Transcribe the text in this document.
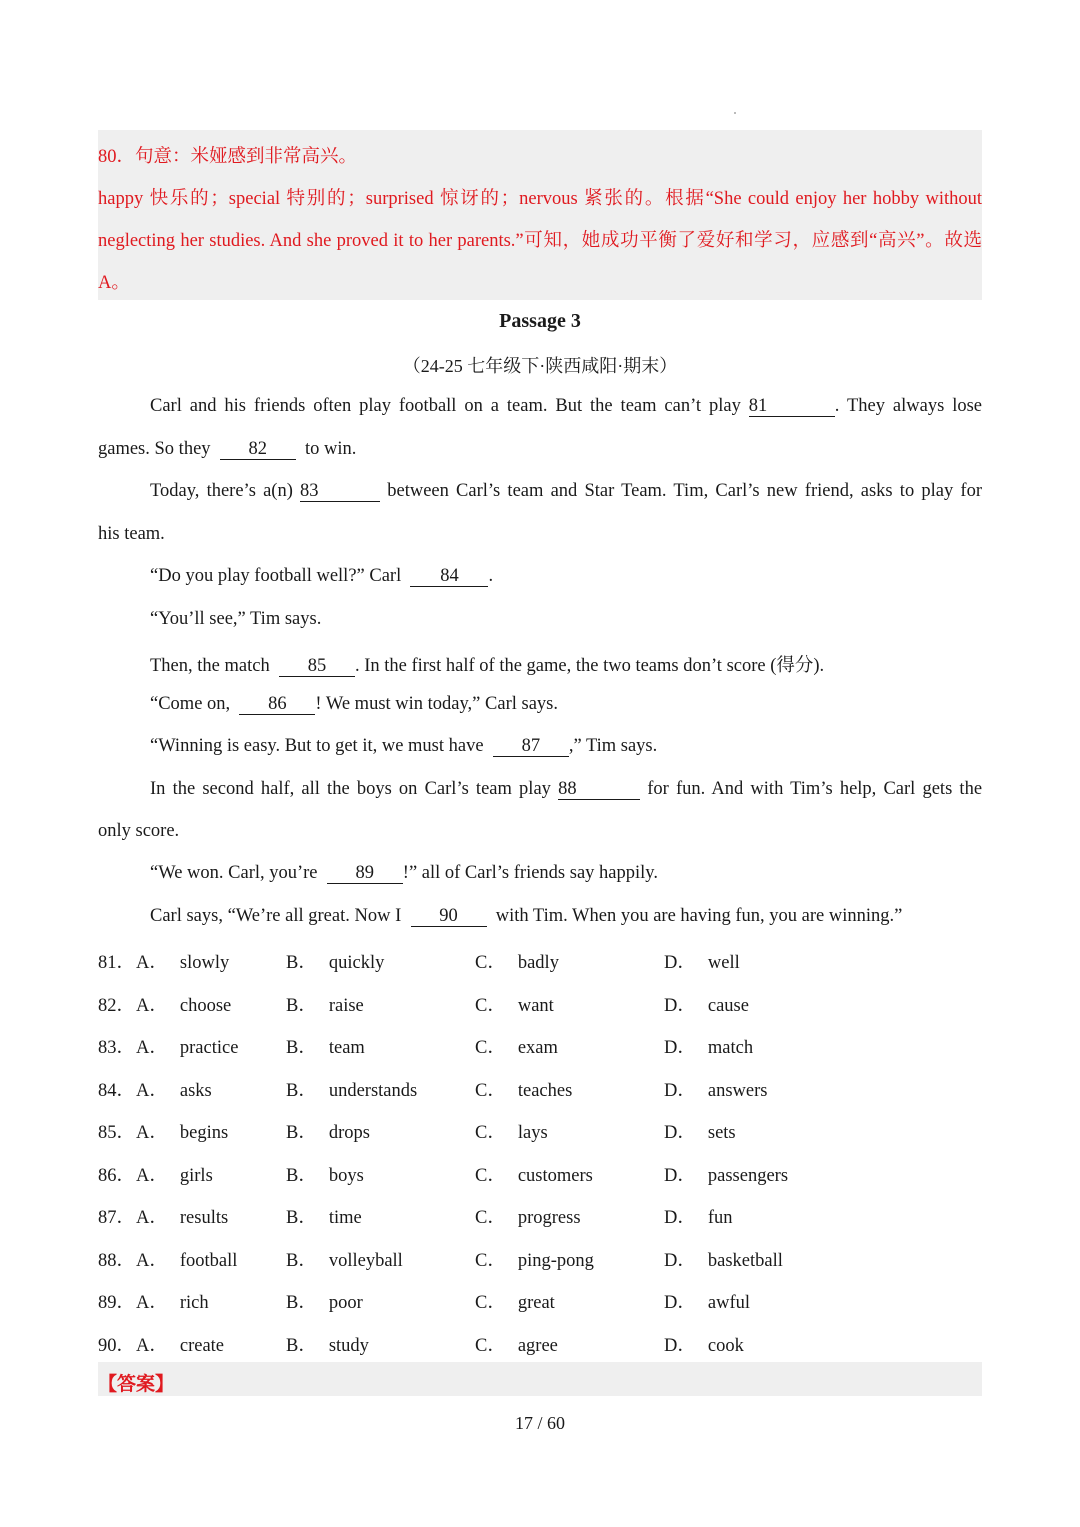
80．句意：米娅感到非常高兴。
happy 快乐的；special 特别的；surprised 惊讶的；nervous 紧张的。根据“She could enjoy her hobby without
neglecting her studies. And she proved it to her parents.”可知，她成功平衡了爱好和学习，应感到“高兴”。故选
A。
Passage 3
（24-25 七年级下·陕西咸阳·期末）
Carl and his friends often play football on a team. But the team can’t play 81	. They always lose
games. So they 82 to win.
Today, there’s a(n) 83	between Carl’s team and Star Team. Tim, Carl’s new friend, asks to play for
his team.
“Do you play football well?” Carl 84 .
“You’ll see,” Tim says.
Then, the match 85 . In the first half of the game, the two teams don’t score (得分).
“Come on, 86 ! We must win today,” Carl says.
“Winning is easy. But to get it, we must have 87 ,” Tim says.
In the second half, all the boys on Carl’s team play 88	for fun. And with Tim’s help, Carl gets the
only score.
“We won. Carl, you’re 89 !” all of Carl’s friends say happily.
Carl says, “We’re all great. Now I 90 with Tim. When you are having fun, you are winning.”
81． A． slowly	B． quickly	C． badly	D． well
82． A． choose	B． raise	C． want	D． cause
83． A． practice	B． team	C． exam	D． match
84． A． asks	B． understands	C． teaches	D． answers
85． A． begins	B． drops	C． lays	D． sets
86． A． girls	B． boys	C． customers	D． passengers
87． A． results	B． time	C． progress	D． fun
88． A． football	B． volleyball	C． ping-pong	D． basketball
89． A． rich	B． poor	C． great	D． awful
90． A． create	B． study	C． agree	D． cook
【答案】
17 / 60
